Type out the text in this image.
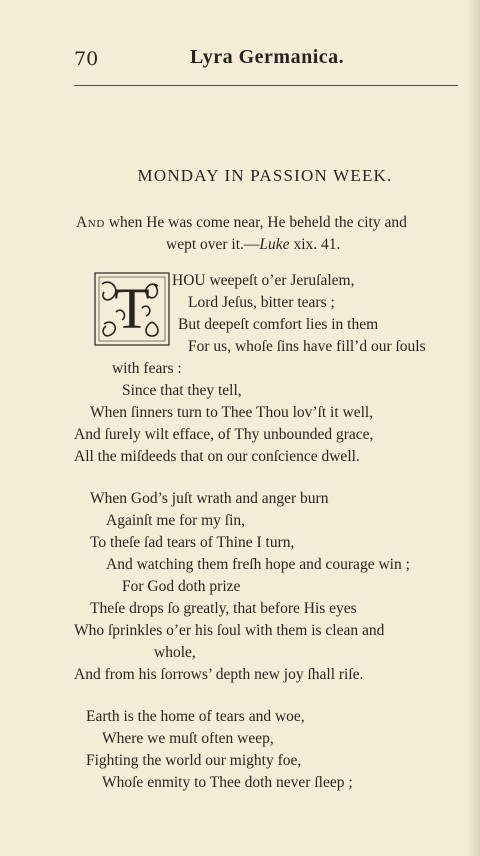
70	Lyra Germanica.
MONDAY IN PASSION WEEK.
And when He was come near, He beheld the city and
wept over it.—Luke xix. 41.
T HOU weepeſt o’er Jeruſalem,
Lord Jeſus, bitter tears ;
But deepeſt comfort lies in them
For us, whoſe ſins have fill’d our ſouls
with fears :
Since that they tell,
When ſinners turn to Thee Thou lov’ſt it well,
And ſurely wilt efface, of Thy unbounded grace,
All the miſdeeds that on our conſcience dwell.
When God’s juſt wrath and anger burn
Againſt me for my ſin,
To theſe ſad tears of Thine I turn,
And watching them freſh hope and courage win ;
For God doth prize
Theſe drops ſo greatly, that before His eyes
Who ſprinkles o’er his ſoul with them is clean and
whole,
And from his ſorrows’ depth new joy ſhall riſe.
Earth is the home of tears and woe,
Where we muſt often weep,
Fighting the world our mighty foe,
Whoſe enmity to Thee doth never ſleep ;
